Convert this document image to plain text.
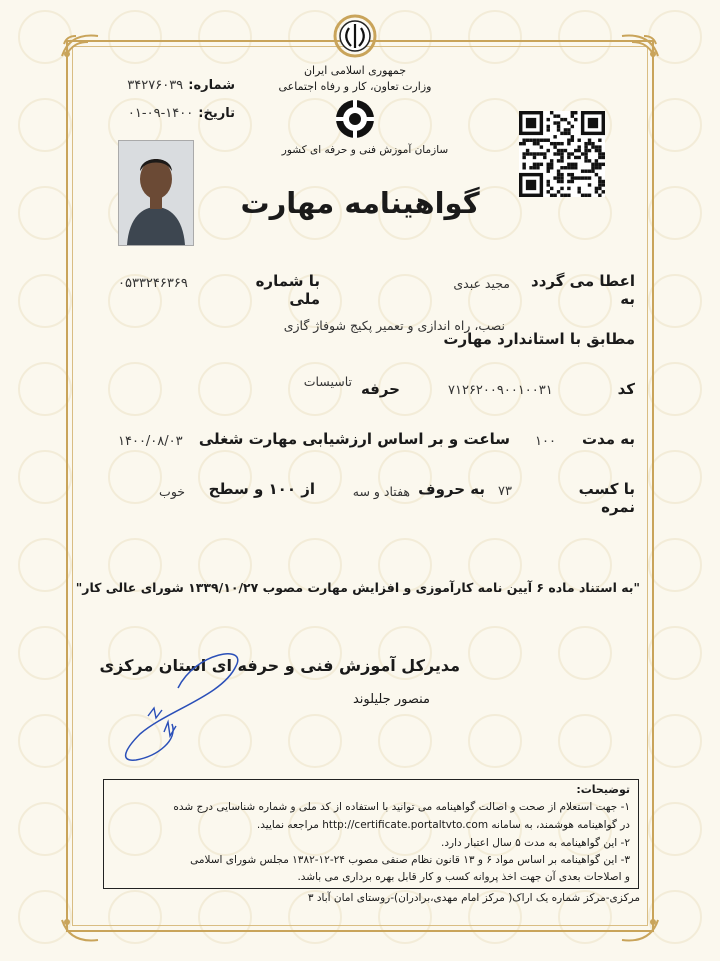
جمهوری اسلامی ایران
وزارت تعاون، کار و رفاه اجتماعی
سازمان آموزش فنی و حرفه ای کشور
شماره: ۳۴۲۷۶۰۳۹
تاریخ: ۱۴۰۰-۰۹-۰۱
گواهینامه مهارت
اعطا می گردد به
مجید عبدی
با شماره ملی
۰۵۳۳۲۴۶۳۶۹
نصب، راه اندازی و تعمیر پکیج شوفاژ گازی
مطابق با استاندارد مهارت
کد
۷۱۲۶۲۰۰۹۰۰۱۰۰۳۱
حرفه
تاسیسات
به مدت
۱۰۰
ساعت و بر اساس ارزشیابی مهارت شغلی
۱۴۰۰/۰۸/۰۳
با کسب نمره
۷۳
به حروف
هفتاد و سه
از ۱۰۰ و سطح
خوب
"به استناد ماده ۶ آیین نامه کارآموزی و افزایش مهارت مصوب ۱۳۳۹/۱۰/۲۷ شورای عالی کار"
مدیرکل آموزش فنی و حرفه ای استان مرکزی
منصور جلیلوند
توضیحات:
۱- جهت استعلام از صحت و اصالت گواهینامه می توانید با استفاده از کد ملی و شماره شناسایی درج شده
در گواهینامه هوشمند، به سامانه http://certificate.portaltvto.com مراجعه نمایید.
۲- این گواهینامه به مدت ۵ سال اعتبار دارد.
۳- این گواهینامه بر اساس مواد ۶ و ۱۳ قانون نظام صنفی مصوب ۲۴-۱۲-۱۳۸۲ مجلس شورای اسلامی
و اصلاحات بعدی آن جهت اخذ پروانه کسب و کار قابل بهره برداری می باشد.
مرکزی-مرکز شماره یک اراک( مرکز امام مهدی،برادران)-روستای امان آباد ۳
